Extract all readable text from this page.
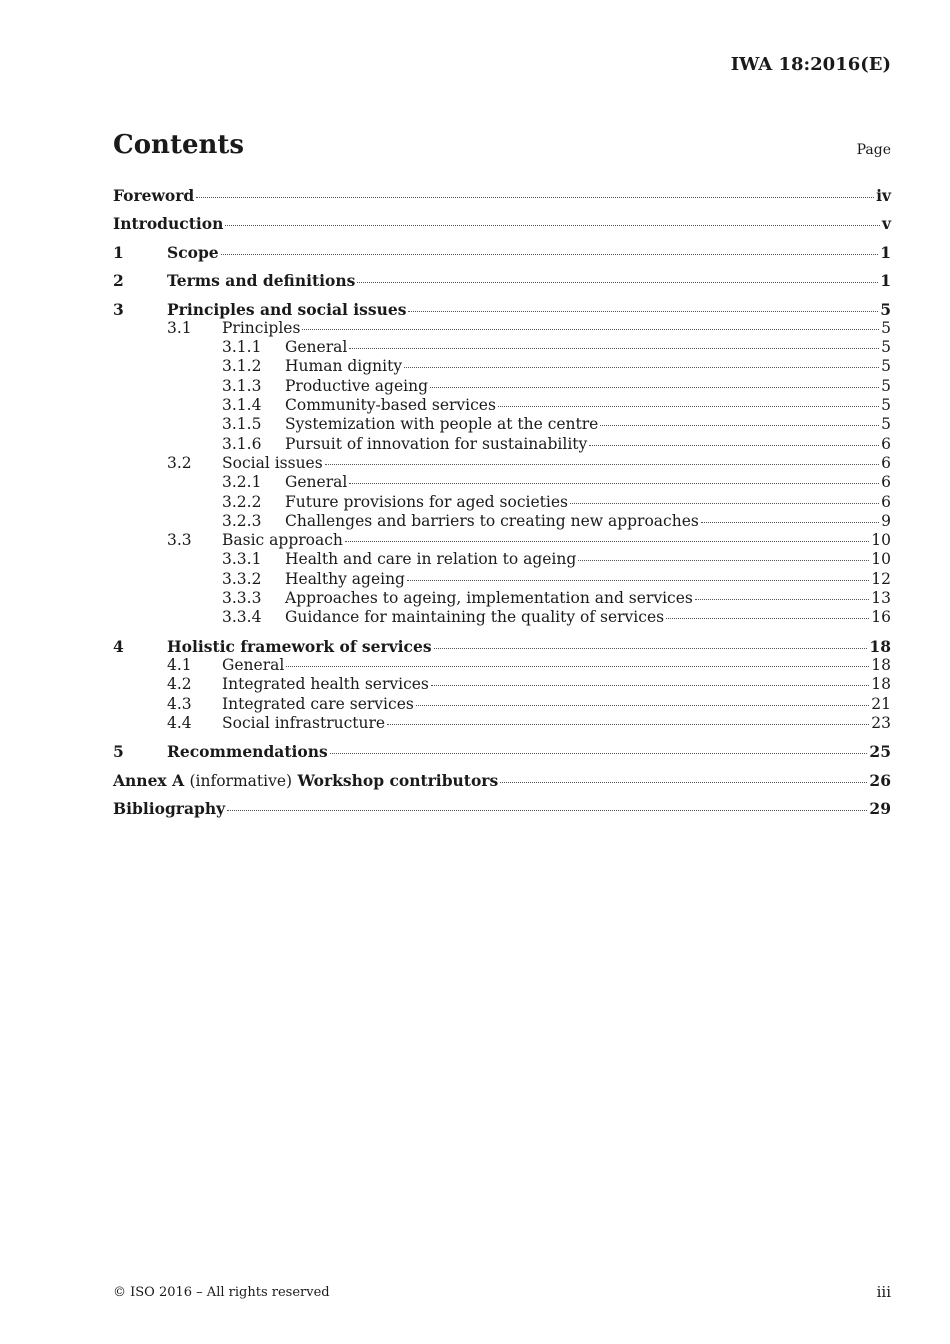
IWA 18:2016(E)
Contents	Page
Foreword	iv
Introduction	v
1	Scope	1
2	Terms and definitions	1
3	Principles and social issues	5
3.1	Principles	5
3.1.1	General	5
3.1.2	Human dignity	5
3.1.3	Productive ageing	5
3.1.4	Community-based services	5
3.1.5	Systemization with people at the centre	5
3.1.6	Pursuit of innovation for sustainability	6
3.2	Social issues	6
3.2.1	General	6
3.2.2	Future provisions for aged societies	6
3.2.3	Challenges and barriers to creating new approaches	9
3.3	Basic approach	10
3.3.1	Health and care in relation to ageing	10
3.3.2	Healthy ageing	12
3.3.3	Approaches to ageing, implementation and services	13
3.3.4	Guidance for maintaining the quality of services	16
4	Holistic framework of services	18
4.1	General	18
4.2	Integrated health services	18
4.3	Integrated care services	21
4.4	Social infrastructure	23
5	Recommendations	25
Annex A (informative) Workshop contributors	26
Bibliography	29
© ISO 2016 – All rights reserved	iii
